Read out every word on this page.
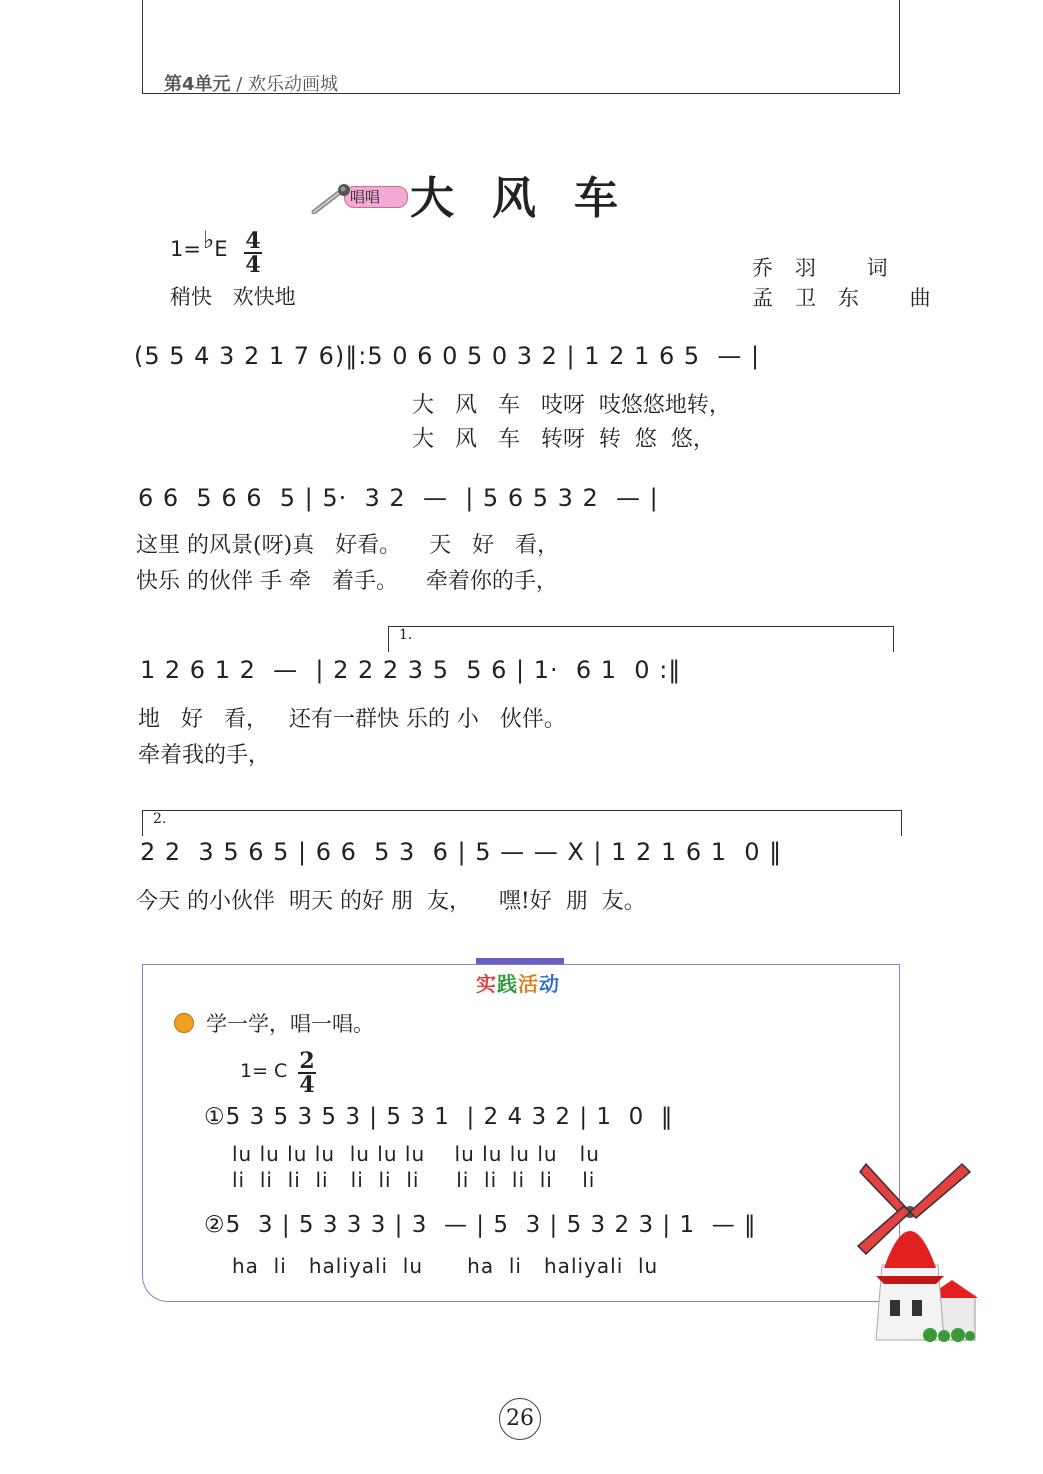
第4单元 / 欢乐动画城
唱唱 大风车
1=♭E 4
4
稍快 欢快地
乔羽 词
孟卫东 曲
(5 5 4 3 2 1 7 6)‖:5 0 6 0 5 0 3 2 | 1 2 1 6 5  — |
大   风   车   吱呀  吱悠悠地转，
大   风   车   转呀  转  悠  悠，
6 6  5 6 6  5 | 5·  3 2  —  | 5 6 5 3 2  — |
这里 的风景(呀)真   好看。    天   好   看，
快乐 的伙伴 手 牵   着手。    牵着你的手，
1.
1 2 6 1 2  —  | 2 2 2 3 5  5 6 | 1·  6 1  0 :‖
地   好   看，   还有一群快 乐的 小   伙伴。
牵着我的手，
2.
2 2  3 5 6 5 | 6 6  5 3  6 | 5 — — X | 1 2 1 6 1  0 ‖
今天 的小伙伴  明天 的好 朋  友，    嘿!好  朋  友。
实践活动
学一学，唱一唱。
1= C 2
4
①5 3 5 3 5 3 | 5 3 1  | 2 4 3 2 | 1  0  ‖
lu lu lu lu  lu lu lu    lu lu lu lu   lu
li  li  li  li   li  li  li     li  li  li  li    li
②5  3 | 5 3 3 3 | 3  — | 5  3 | 5 3 2 3 | 1  — ‖
ha  li   haliyali  lu      ha  li   haliyali  lu
26
